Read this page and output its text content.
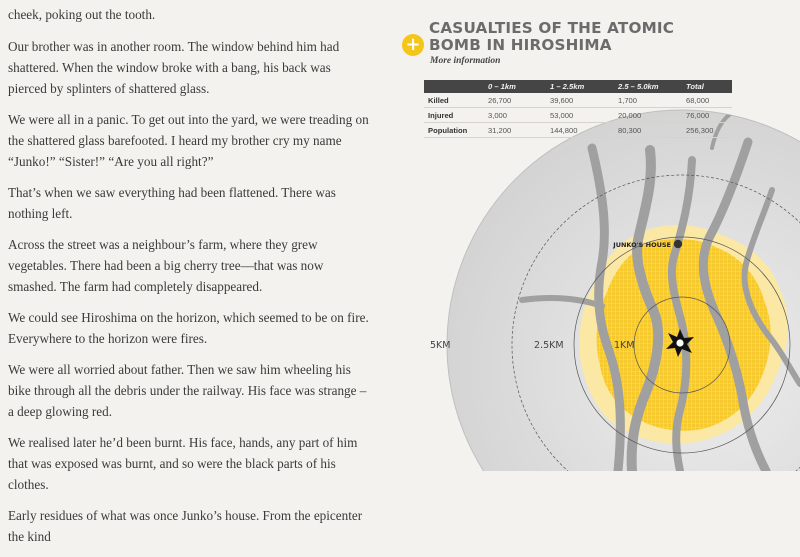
cheek, poking out the tooth.

Our brother was in another room. The window behind him had shattered. When the window broke with a bang, his back was pierced by splinters of shattered glass.

We were all in a panic. To get out into the yard, we were treading on the shattered glass barefooted. I heard my brother cry my name “Junko!” “Sister!” “Are you all right?”

That’s when we saw everything had been flattened. There was nothing left.

Across the street was a neighbour’s farm, where they grew vegetables. There had been a big cherry tree—that was now smashed. The farm had completely disappeared.

We could see Hiroshima on the horizon, which seemed to be on fire. Everywhere to the horizon were fires.

We were all worried about father. Then we saw him wheeling his bike through all the debris under the railway. His face was strange – a deep glowing red.

We realised later he’d been burnt. His face, hands, any part of him that was exposed was burnt, and so were the black parts of his clothes.

Early residues of what was once Junko’s house. From the epicenter the kind

JUNKO'S HOUSE
5KM	2.5KM	1KM
+
CASUALTIES OF THE ATOMIC BOMB IN HIROSHIMA
More information
	0 – 1km	1 – 2.5km	2.5 – 5.0km	Total
Killed	26,700	39,600	1,700	68,000
Injured	3,000	53,000	20,000	76,000
Population	31,200	144,800	80,300	256,300
